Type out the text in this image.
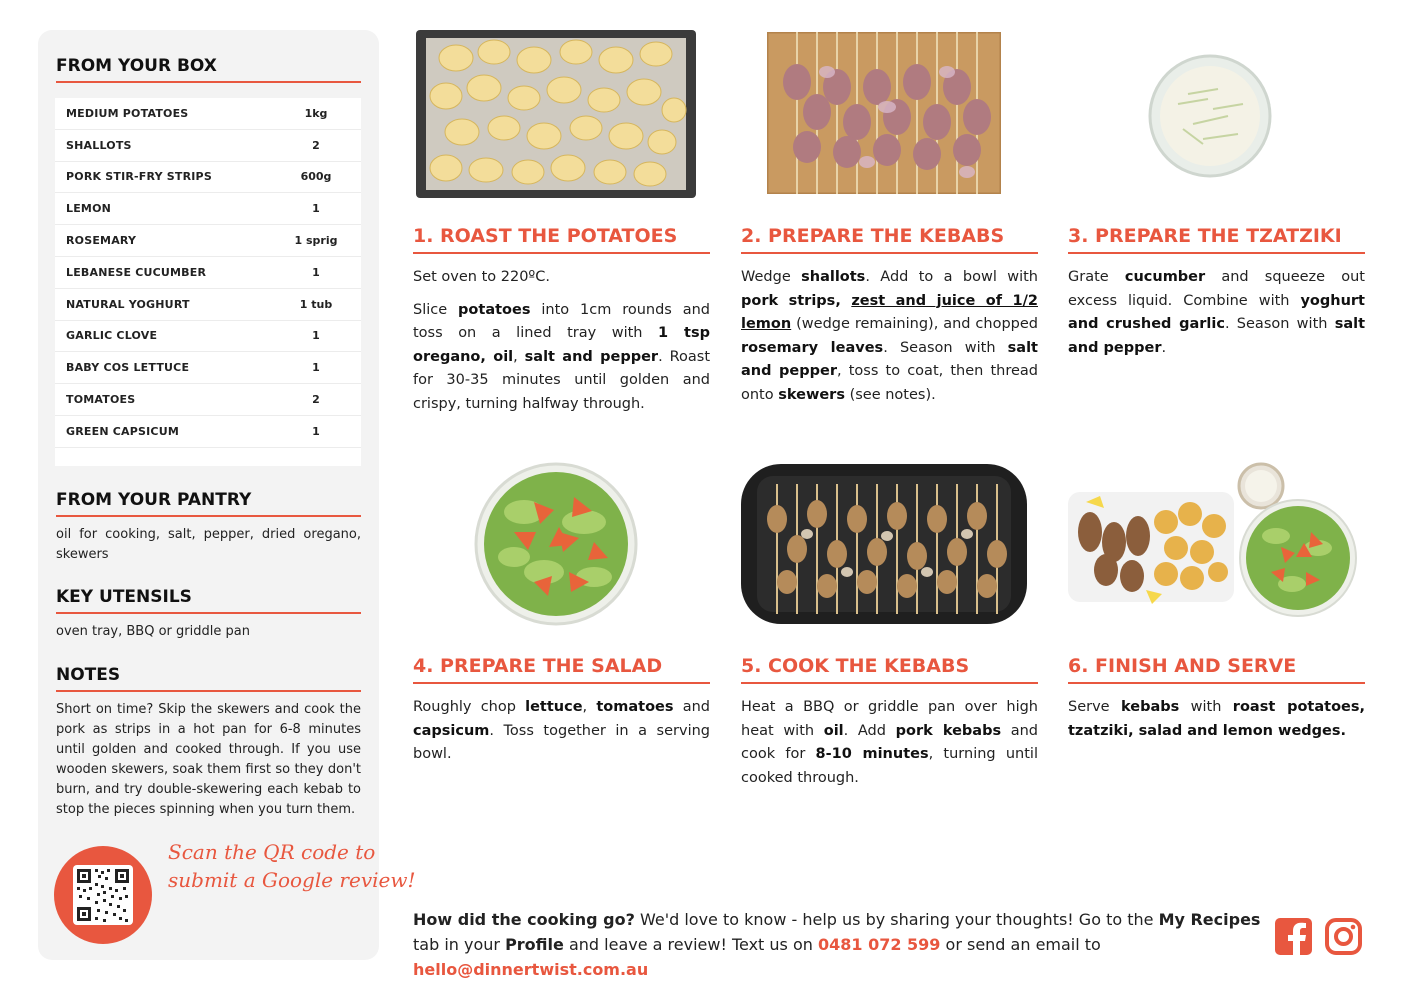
FROM YOUR BOX
MEDIUM POTATOES	1kg
SHALLOTS	2
PORK STIR-FRY STRIPS	600g
LEMON	1
ROSEMARY	1 sprig
LEBANESE CUCUMBER	1
NATURAL YOGHURT	1 tub
GARLIC CLOVE	1
BABY COS LETTUCE	1
TOMATOES	2
GREEN CAPSICUM	1
FROM YOUR PANTRY
oil for cooking, salt, pepper, dried oregano, skewers
KEY UTENSILS
oven tray, BBQ or griddle pan
NOTES
Short on time? Skip the skewers and cook the pork as strips in a hot pan for 6-8 minutes until golden and cooked through. If you use wooden skewers, soak them first so they don't burn, and try double-skewering each kebab to stop the pieces spinning when you turn them.
Scan the QR code to
submit a Google review!
1. ROAST THE POTATOES

Set oven to 220ºC.

Slice potatoes into 1cm rounds and toss on a lined tray with 1 tsp oregano, oil, salt and pepper. Roast for 30-35 minutes until golden and crispy, turning halfway through.

2. PREPARE THE KEBABS

Wedge shallots. Add to a bowl with pork strips, zest and juice of 1/2 lemon (wedge remaining), and chopped rosemary leaves. Season with salt and pepper, toss to coat, then thread onto skewers (see notes).

3. PREPARE THE TZATZIKI

Grate cucumber and squeeze out excess liquid. Combine with yoghurt and crushed garlic. Season with salt and pepper.

4. PREPARE THE SALAD

Roughly chop lettuce, tomatoes and capsicum. Toss together in a serving bowl.

5. COOK THE KEBABS

Heat a BBQ or griddle pan over high heat with oil. Add pork kebabs and cook for 8-10 minutes, turning until cooked through.

6. FINISH AND SERVE

Serve kebabs with roast potatoes, tzatziki, salad and lemon wedges.

How did the cooking go? We'd love to know - help us by sharing your thoughts! Go to the My Recipes tab in your Profile and leave a review! Text us on 0481 072 599 or send an email to hello@dinnertwist.com.au
